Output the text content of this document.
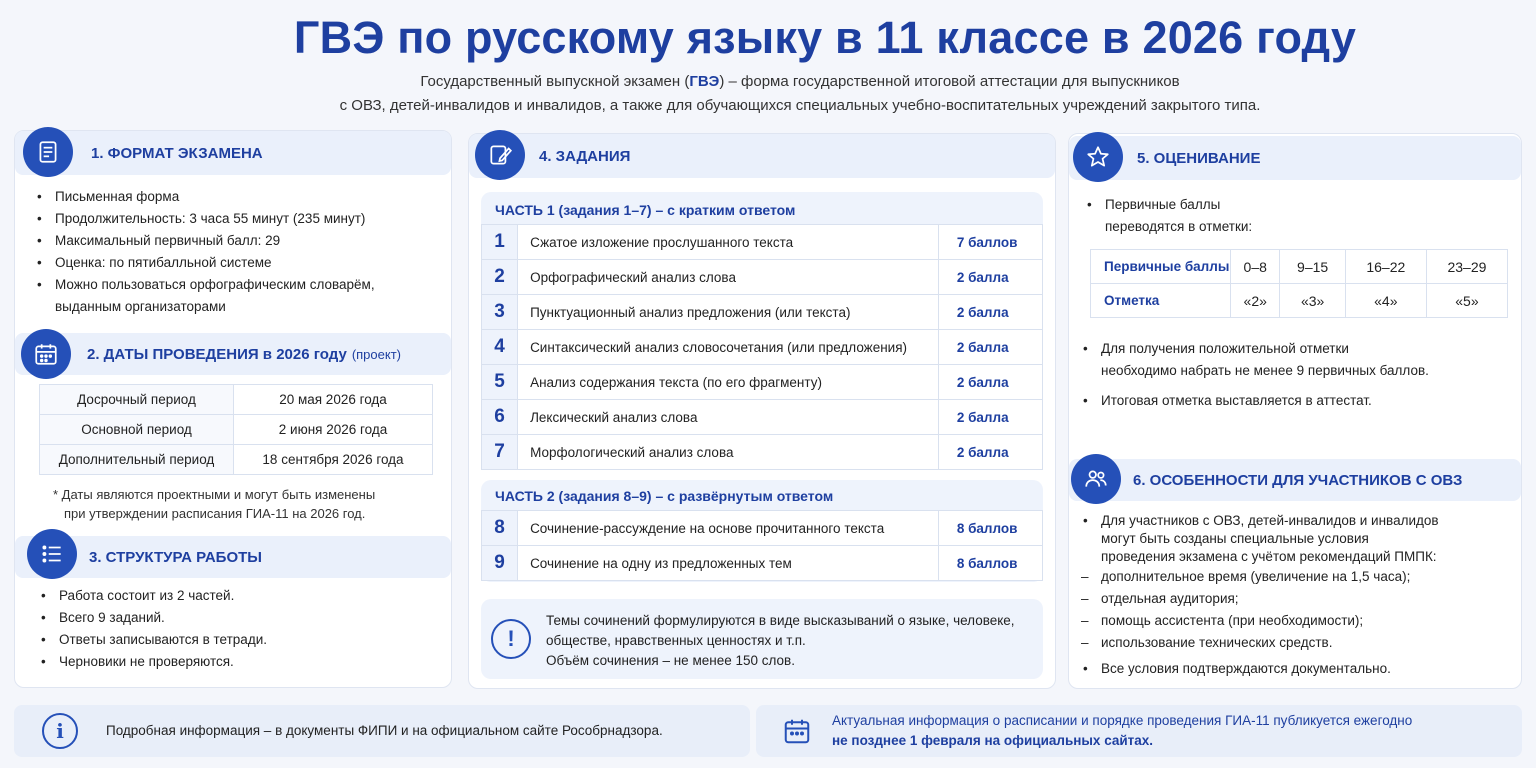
ГВЭ по русскому языку в 11 классе в 2026 году
Государственный выпускной экзамен (ГВЭ) – форма государственной итоговой аттестации для выпускников
с ОВЗ, детей-инвалидов и инвалидов, а также для обучающихся специальных учебно-воспитательных учреждений закрытого типа.
1. ФОРМАТ ЭКЗАМЕНА
• Письменная форма
• Продолжительность: 3 часа 55 минут (235 минут)
• Максимальный первичный балл: 29
• Оценка: по пятибалльной системе
• Можно пользоваться орфографическим словарём,
выданным организаторами
2. ДАТЫ ПРОВЕДЕНИЯ в 2026 году (проект)
Досрочный период	20 мая 2026 года
Основной период	2 июня 2026 года
Дополнительный период	18 сентября 2026 года
* Даты являются проектными и могут быть изменены
при утверждении расписания ГИА-11 на 2026 год.
3. СТРУКТУРА РАБОТЫ
• Работа состоит из 2 частей.
• Всего 9 заданий.
• Ответы записываются в тетради.
• Черновики не проверяются.
4. ЗАДАНИЯ
ЧАСТЬ 1 (задания 1–7) – с кратким ответом
1	Сжатое изложение прослушанного текста	7 баллов
2	Орфографический анализ слова	2 балла
3	Пунктуационный анализ предложения (или текста)	2 балла
4	Синтаксический анализ словосочетания (или предложения)	2 балла
5	Анализ содержания текста (по его фрагменту)	2 балла
6	Лексический анализ слова	2 балла
7	Морфологический анализ слова	2 балла
ЧАСТЬ 2 (задания 8–9) – с развёрнутым ответом
8	Сочинение-рассуждение на основе прочитанного текста	8 баллов
9	Сочинение на одну из предложенных тем	8 баллов
!
Темы сочинений формулируются в виде высказываний о языке, человеке,
обществе, нравственных ценностях и т.п.
Объём сочинения – не менее 150 слов.
5. ОЦЕНИВАНИЕ
• Первичные баллы
переводятся в отметки:
Первичные баллы	0–8	9–15	16–22	23–29
Отметка	«2»	«3»	«4»	«5»
• Для получения положительной отметки
необходимо набрать не менее 9 первичных баллов.
• Итоговая отметка выставляется в аттестат.
6. ОСОБЕННОСТИ ДЛЯ УЧАСТНИКОВ С ОВЗ
• Для участников с ОВЗ, детей-инвалидов и инвалидов
могут быть созданы специальные условия
проведения экзамена с учётом рекомендаций ПМПК:
– дополнительное время (увеличение на 1,5 часа);
– отдельная аудитория;
– помощь ассистента (при необходимости);
– использование технических средств.
• Все условия подтверждаются документально.
i	Подробная информация – в документы ФИПИ и на официальном сайте Рособрнадзора.
Актуальная информация о расписании и порядке проведения ГИА-11 публикуется ежегодно
не позднее 1 февраля на официальных сайтах.
